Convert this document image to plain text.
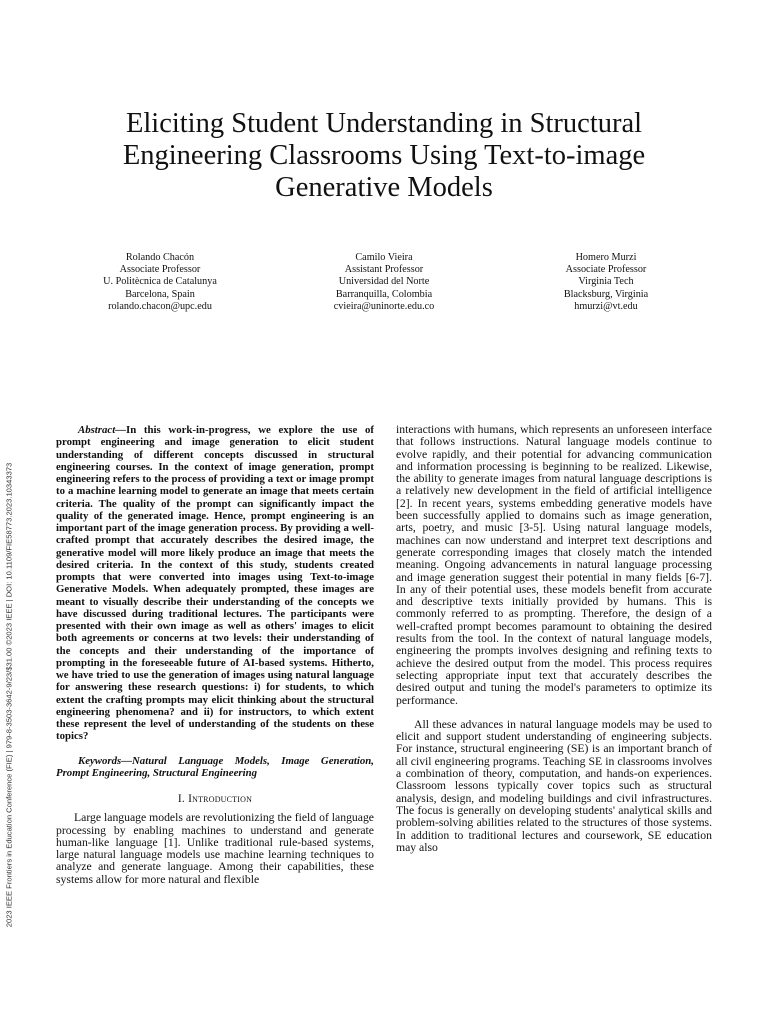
2023 IEEE Frontiers in Education Conference (FIE) | 979-8-3503-3642-9/23/$31.00 ©2023 IEEE | DOI: 10.1109/FIE58773.2023.10343373
Eliciting Student Understanding in Structural Engineering Classrooms Using Text-to-image Generative Models
Rolando Chacón
Associate Professor
U. Politècnica de Catalunya
Barcelona, Spain
rolando.chacon@upc.edu
Camilo Vieira
Assistant Professor
Universidad del Norte
Barranquilla, Colombia
cvieira@uninorte.edu.co
Homero Murzi
Associate Professor
Virginia Tech
Blacksburg, Virginia
hmurzi@vt.edu

Abstract—In this work-in-progress, we explore the use of prompt engineering and image generation to elicit student understanding of different concepts discussed in structural engineering courses. In the context of image generation, prompt engineering refers to the process of providing a text or image prompt to a machine learning model to generate an image that meets certain criteria. The quality of the prompt can significantly impact the quality of the generated image. Hence, prompt engineering is an important part of the image generation process. By providing a well-crafted prompt that accurately describes the desired image, the generative model will more likely produce an image that meets the desired criteria. In the context of this study, students created prompts that were converted into images using Text-to-image Generative Models. When adequately prompted, these images are meant to visually describe their understanding of the concepts we have discussed during traditional lectures. The participants were presented with their own image as well as others' images to elicit both agreements or concerns at two levels: their understanding of the concepts and their understanding of the importance of prompting in the foreseeable future of AI-based systems. Hitherto, we have tried to use the generation of images using natural language for answering these research questions: i) for students, to which extent the crafting prompts may elicit thinking about the structural engineering phenomena? and ii) for instructors, to which extent these represent the level of understanding of the students on these topics?

Keywords—Natural Language Models, Image Generation, Prompt Engineering, Structural Engineering

I. Introduction

Large language models are revolutionizing the field of language processing by enabling machines to understand and generate human-like language [1]. Unlike traditional rule-based systems, large natural language models use machine learning techniques to analyze and generate language. Among their capabilities, these systems allow for more natural and flexible

interactions with humans, which represents an unforeseen interface that follows instructions. Natural language models continue to evolve rapidly, and their potential for advancing communication and information processing is beginning to be realized. Likewise, the ability to generate images from natural language descriptions is a relatively new development in the field of artificial intelligence [2]. In recent years, systems embedding generative models have been successfully applied to domains such as image generation, arts, poetry, and music [3-5]. Using natural language models, machines can now understand and interpret text descriptions and generate corresponding images that closely match the intended meaning. Ongoing advancements in natural language processing and image generation suggest their potential in many fields [6-7]. In any of their potential uses, these models benefit from accurate and descriptive texts initially provided by humans. This is commonly referred to as prompting. Therefore, the design of a well-crafted prompt becomes paramount to obtaining the desired results from the tool. In the context of natural language models, engineering the prompts involves designing and refining texts to achieve the desired output from the model. This process requires selecting appropriate input text that accurately describes the desired output and tuning the model's parameters to optimize its performance.

All these advances in natural language models may be used to elicit and support student understanding of engineering subjects. For instance, structural engineering (SE) is an important branch of all civil engineering programs. Teaching SE in classrooms involves a combination of theory, computation, and hands-on experiences. Classroom lessons typically cover topics such as structural analysis, design, and modeling buildings and civil infrastructures. The focus is generally on developing students' analytical skills and problem-solving abilities related to the structures of those systems. In addition to traditional lectures and coursework, SE education may also
